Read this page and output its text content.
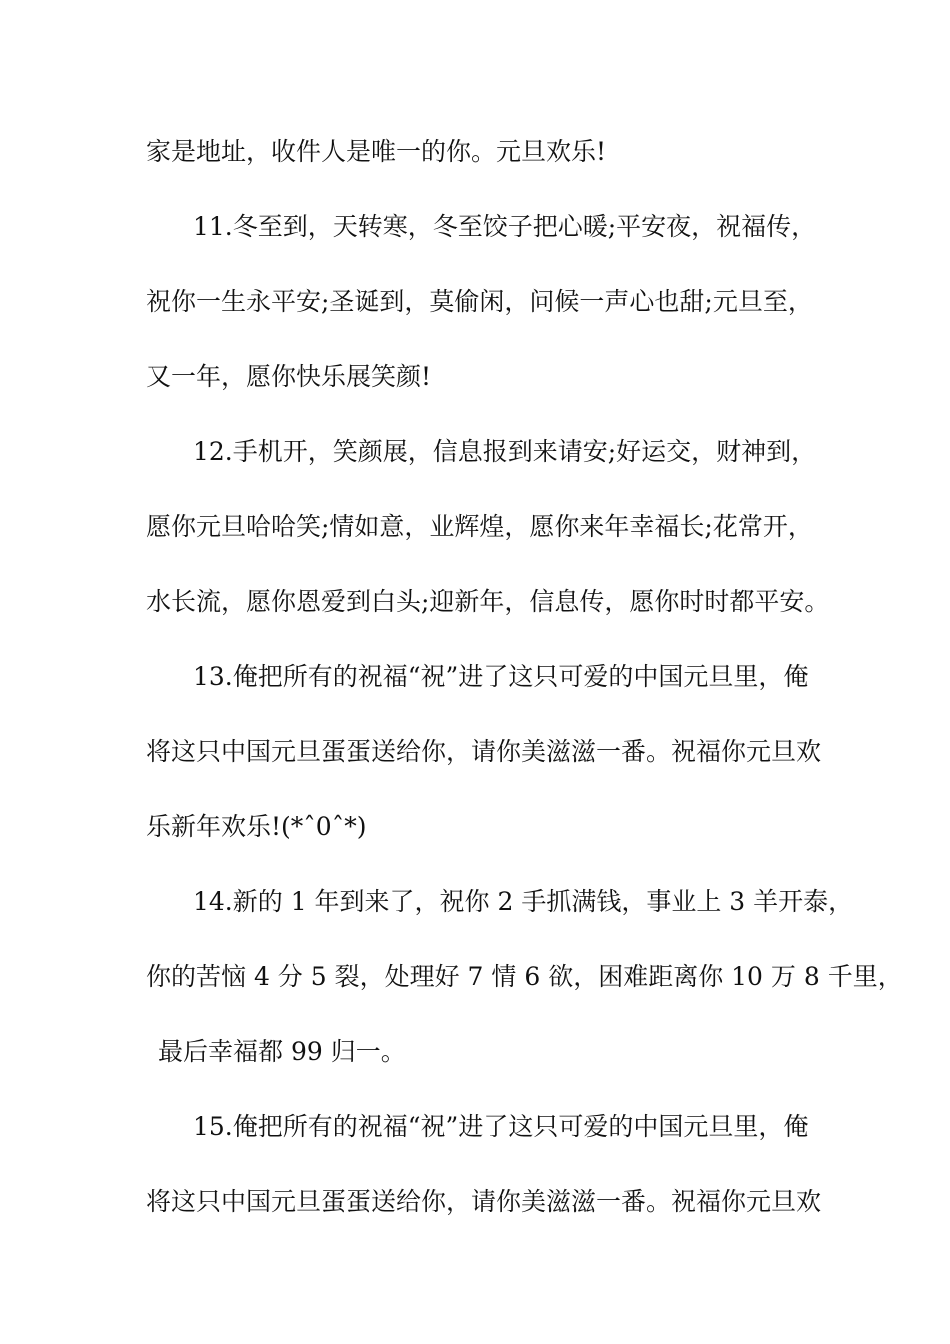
家是地址，收件人是唯一的你。元旦欢乐!
11.冬至到，天转寒，冬至饺子把心暖;平安夜，祝福传，
祝你一生永平安;圣诞到，莫偷闲，问候一声心也甜;元旦至，
又一年，愿你快乐展笑颜!
12.手机开，笑颜展，信息报到来请安;好运交，财神到，
愿你元旦哈哈笑;情如意，业辉煌，愿你来年幸福长;花常开，
水长流，愿你恩爱到白头;迎新年，信息传，愿你时时都平安。
13.俺把所有的祝福“祝”进了这只可爱的中国元旦里，俺
将这只中国元旦蛋蛋送给你，请你美滋滋一番。祝福你元旦欢
乐新年欢乐!(*ˆ0ˆ*)
14.新的 1 年到来了，祝你 2 手抓满钱，事业上 3 羊开泰，
你的苦恼 4 分 5 裂，处理好 7 情 6 欲，困难距离你 10 万 8 千里，
最后幸福都 99 归一。
15.俺把所有的祝福“祝”进了这只可爱的中国元旦里，俺
将这只中国元旦蛋蛋送给你，请你美滋滋一番。祝福你元旦欢
